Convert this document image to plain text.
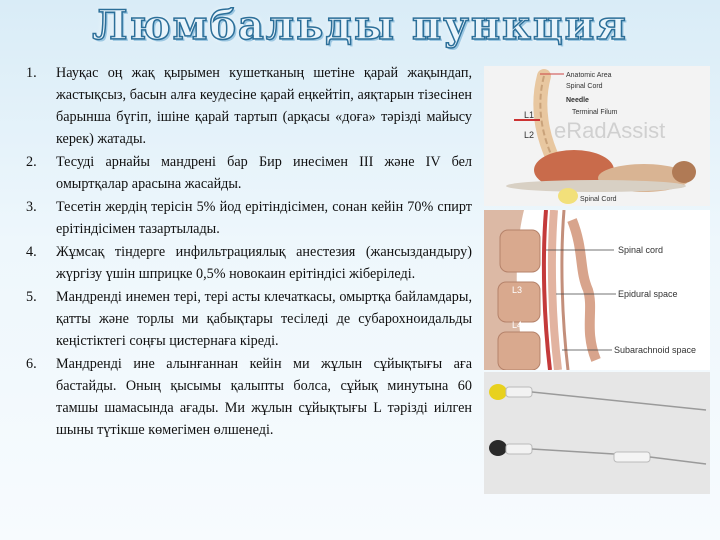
Люмбальды пункция
1.	Науқас оң жақ қырымен кушетканың шетіне қарай жақындап, жастықсыз, басын алға кеудесіне қарай еңкейтіп, аяқтарын тізесінен барынша бүгіп, ішіне қарай тартып (арқасы «доға» тәрізді майысу керек) жатады.
2.	Тесуді арнайы мандрені бар Бир инесімен III және IV бел омыртқалар арасына жасайды.
3.	Тесетін жердің терісін 5% йод ерітіндісімен, сонан кейін 70% спирт ерітіндісімен тазартылады.
4.	Жұмсақ тіндерге инфильтрациялық анестезия (жансыздандыру) жүргізу үшін шприцке 0,5% новокаин ерітіндісі жіберіледі.
5.	Мандренді инемен тері, тері асты клечаткасы, омыртқа байламдары, қатты және торлы ми қабықтары тесіледі де субарохноидальды кеңістіктегі соңғы цистернаға кіреді.
6.	Мандренді ине алынғаннан кейін ми жұлын сұйықтығы аға бастайды. Оның қысымы қалыпты болса, сұйық минутына 60 тамшы шамасында ағады. Ми жұлын сұйықтығы L тәрізді иілген шыны түтікше көмегімен өлшенеді.
eRadAssist
L1
L2
Anatomic Area
Spinal Cord
Needle
Terminal Filum
Spinal Cord
L3
L4
Spinal cord
Epidural space
Subarachnoid space
